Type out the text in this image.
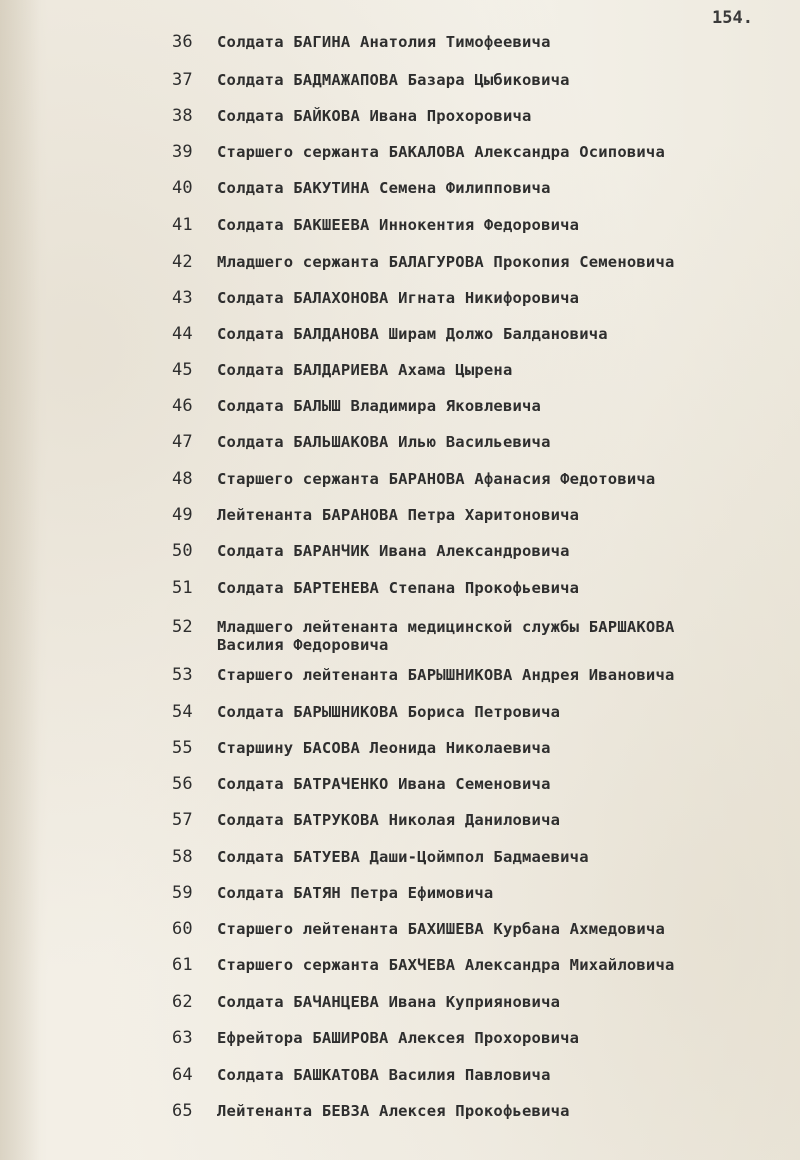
154.
36	Солдата БАГИНА Анатолия Тимофеевича
37	Солдата БАДМАЖАПОВА Базара Цыбиковича
38	Солдата БАЙКОВА Ивана Прохоровича
39	Старшего сержанта БАКАЛОВА Александра Осиповича
40	Солдата БАКУТИНА Семена Филипповича
41	Солдата БАКШЕЕВА Иннокентия Федоровича
42	Младшего сержанта БАЛАГУРОВА Прокопия Семеновича
43	Солдата БАЛАХОНОВА Игната Никифоровича
44	Солдата БАЛДАНОВА Ширам Должо Балдановича
45	Солдата БАЛДАРИЕВА Ахама Цырена
46	Солдата БАЛЫШ Владимира Яковлевича
47	Солдата БАЛЬШАКОВА Илью Васильевича
48	Старшего сержанта БАРАНОВА Афанасия Федотовича
49	Лейтенанта БАРАНОВА Петра Харитоновича
50	Солдата БАРАНЧИК Ивана Александровича
51	Солдата БАРТЕНЕВА Степана Прокофьевича
52	Младшего лейтенанта медицинской службы БАРШАКОВА
Василия Федоровича
53	Старшего лейтенанта БАРЫШНИКОВА Андрея Ивановича
54	Солдата БАРЫШНИКОВА Бориса Петровича
55	Старшину БАСОВА Леонида Николаевича
56	Солдата БАТРАЧЕНКО Ивана Семеновича
57	Солдата БАТРУКОВА Николая Даниловича
58	Солдата БАТУЕВА Даши-Цоймпол Бадмаевича
59	Солдата БАТЯН Петра Ефимовича
60	Старшего лейтенанта БАХИШЕВА Курбана Ахмедовича
61	Старшего сержанта БАХЧЕВА Александра Михайловича
62	Солдата БАЧАНЦЕВА Ивана Куприяновича
63	Ефрейтора БАШИРОВА Алексея Прохоровича
64	Солдата БАШКАТОВА Василия Павловича
65	Лейтенанта БЕВЗА Алексея Прокофьевича
